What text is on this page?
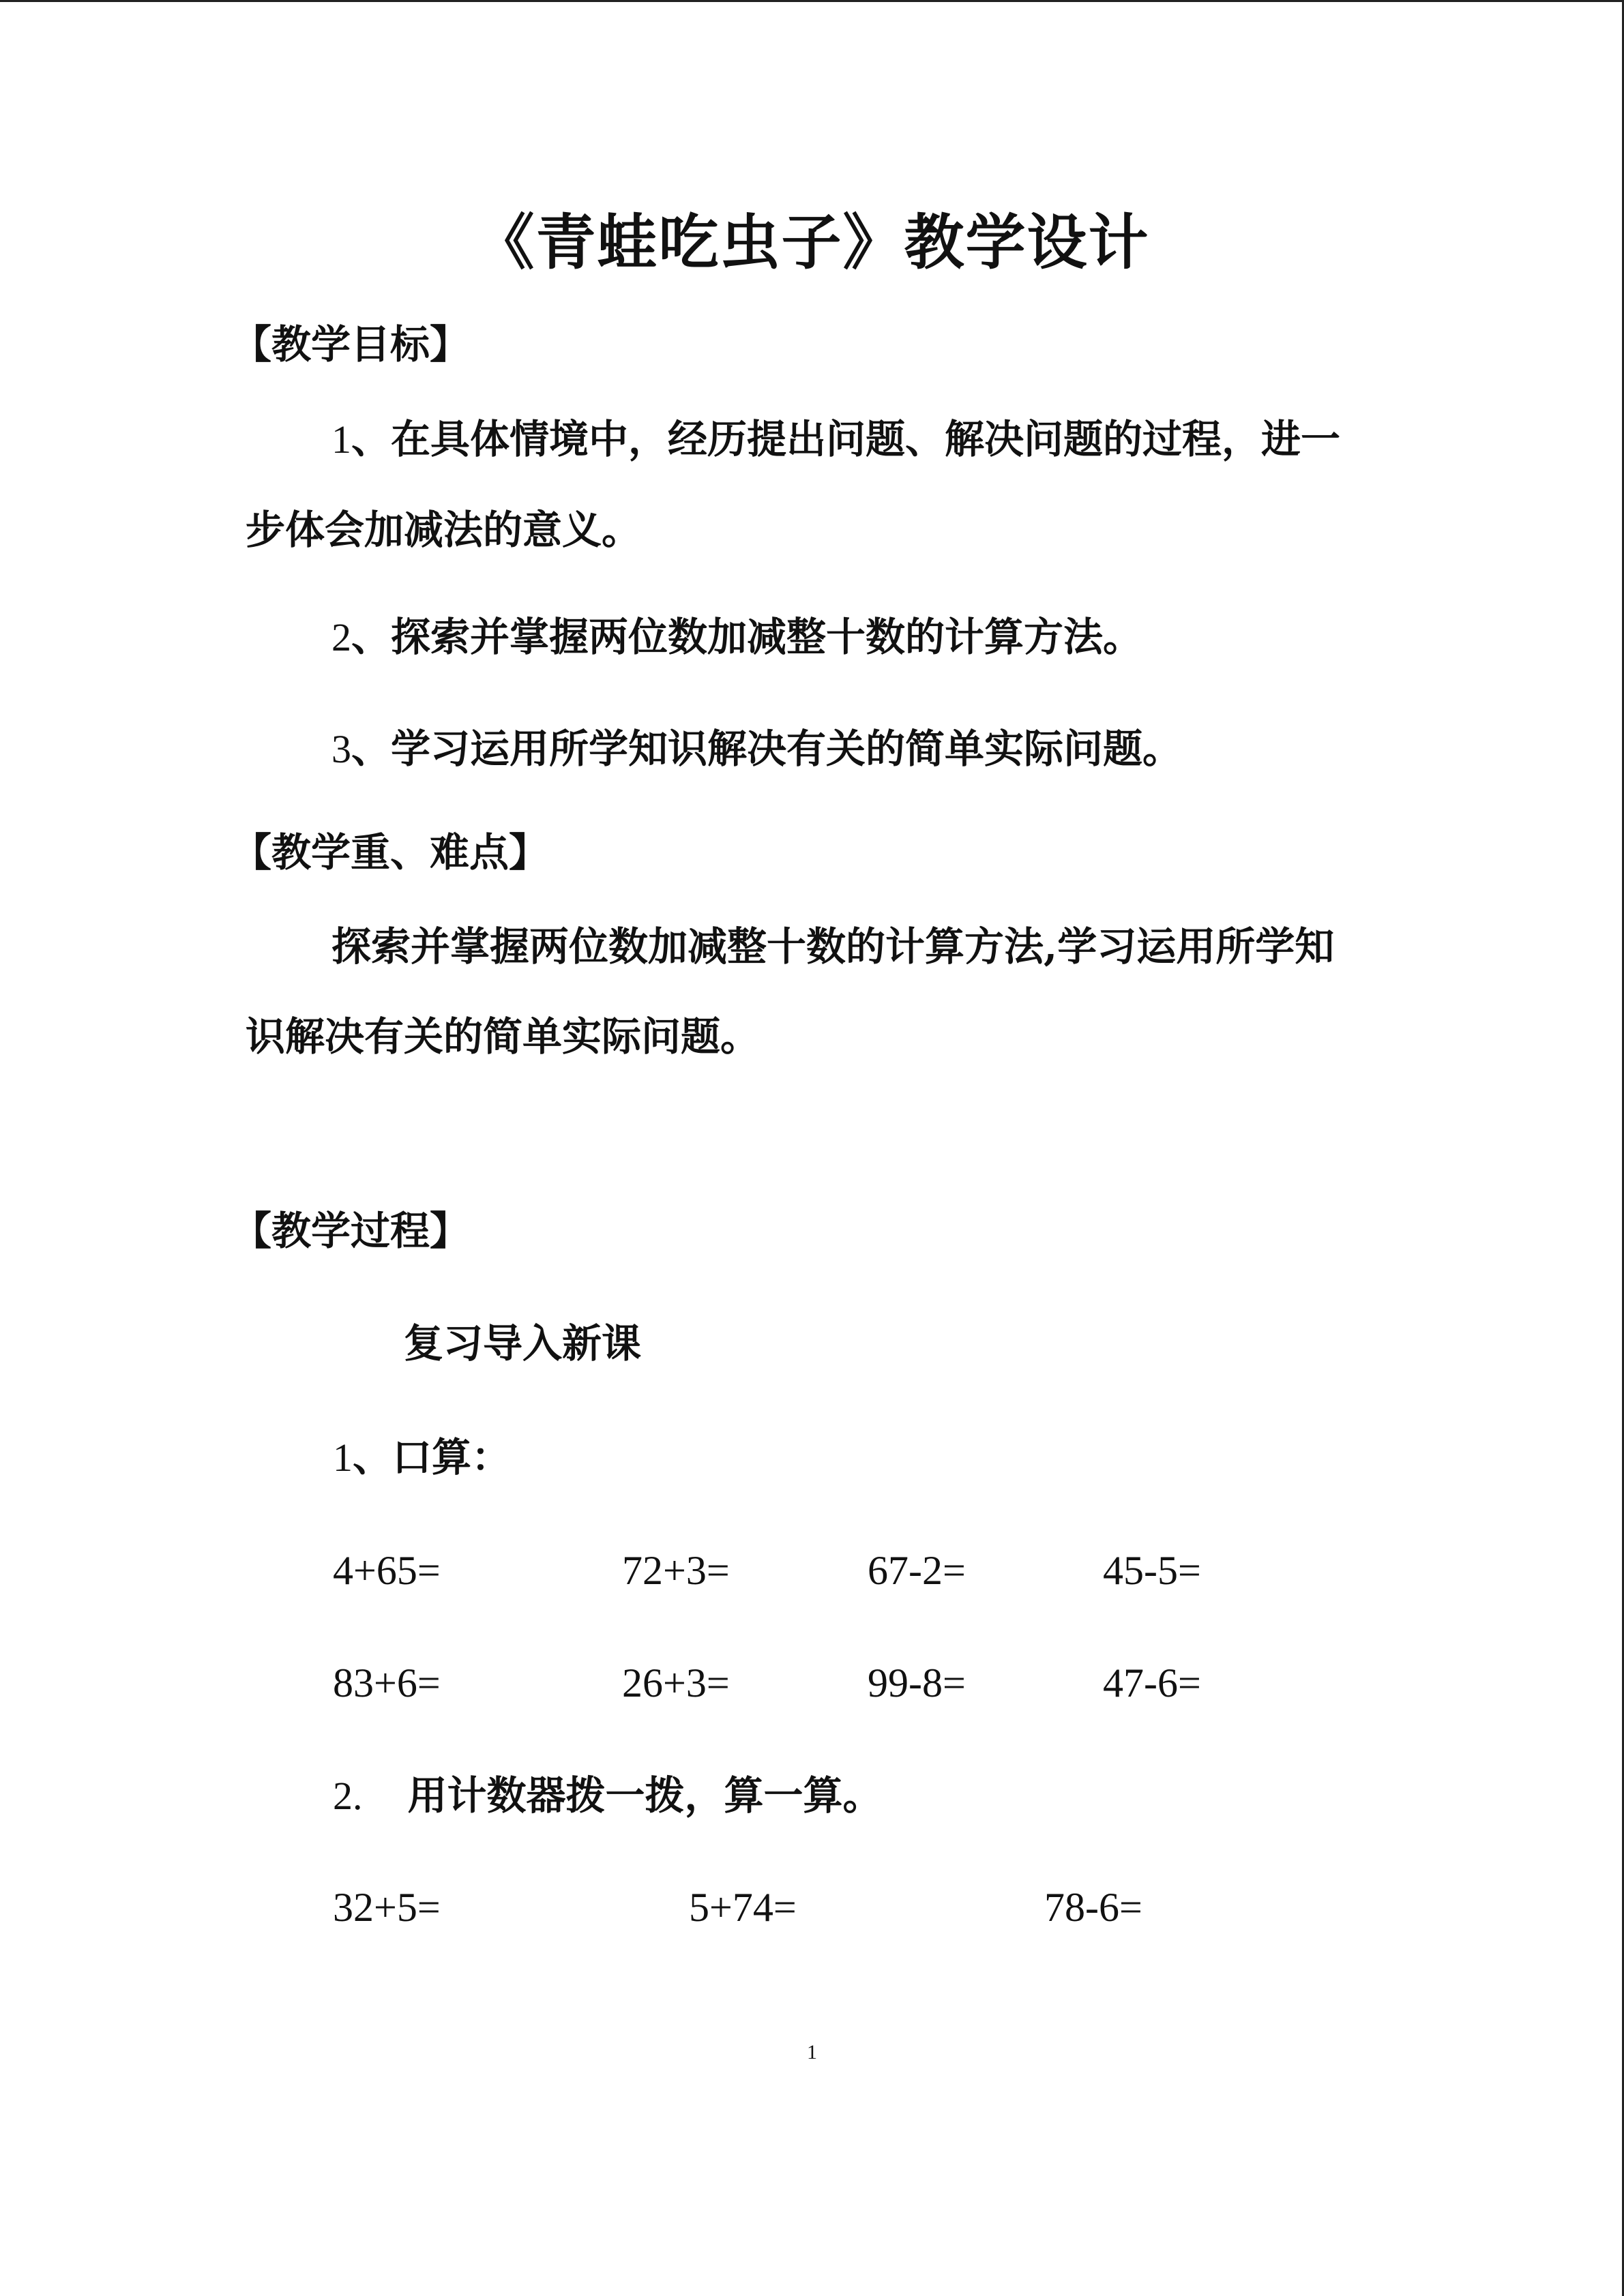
《青蛙吃虫子》教学设计
【教学目标】
1、在具体情境中，经历提出问题、解决问题的过程，进一步体会加减法的意义。
2、探索并掌握两位数加减整十数的计算方法。
3、学习运用所学知识解决有关的简单实际问题。
【教学重、难点】
探索并掌握两位数加减整十数的计算方法,学习运用所学知识解决有关的简单实际问题。
【教学过程】
复习导入新课
1、口算：
4+65=	72+3=	67-2=	45-5=
83+6=	26+3=	99-8=	47-6=
2. 用计数器拨一拨，算一算。
32+5=	5+74=	78-6=
1
